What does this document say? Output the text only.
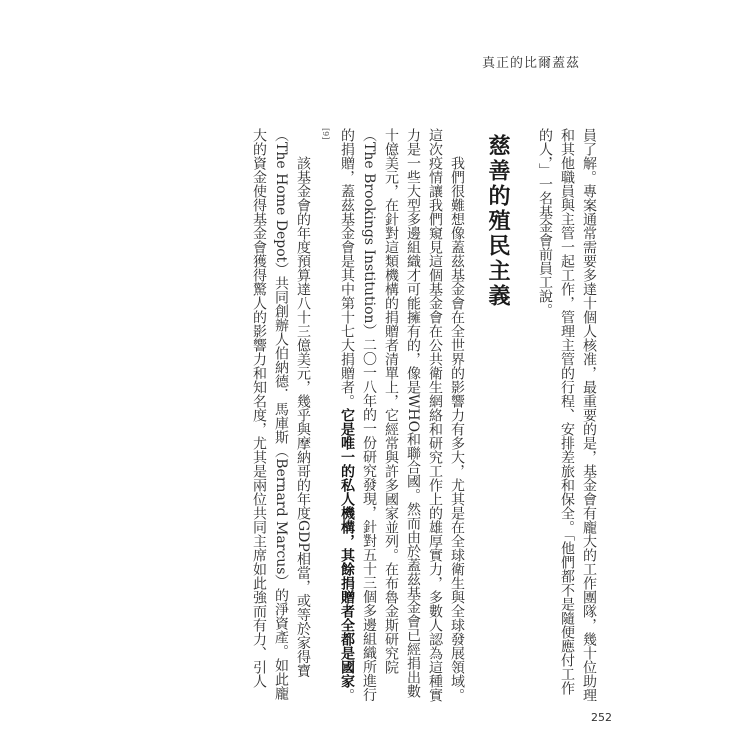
真正的比爾蓋茲

員了解。專案通常需要多達十個人核准，最重要的是，基金會有龐大的工作團隊，幾十位助理和其他職員與主管一起工作，管理主管的行程、安排差旅和保全。「他們都不是隨便應付工作的人，」一名基金會前員工說。

慈善的殖民主義

我們很難想像蓋茲基金會在全世界的影響力有多大，尤其是在全球衛生與全球發展領域。這次疫情讓我們窺見這個基金會在公共衛生網絡和研究工作上的雄厚實力，多數人認為這種實力是一些大型多邊組織才可能擁有的，像是WHO和聯合國。然而由於蓋茲基金會已經捐出數十億美元，在針對這類機構的捐贈者清單上，它經常與許多國家並列。在布魯金斯研究院（The Brookings Institution）二〇一八年的一份研究發現，針對五十三個多邊組織所進行的捐贈，蓋茲基金會是其中第十七大捐贈者。它是唯一的私人機構，其餘捐贈者全都是國家。[9]

該基金會的年度預算達八十三億美元，幾乎與摩納哥的年度GDP相當，或等於家得寶（The Home Depot）共同創辦人伯納德．馬庫斯（Bernard Marcus）的淨資產。如此龐大的資金使得基金會獲得驚人的影響力和知名度，尤其是兩位共同主席如此強而有力、引人

252
